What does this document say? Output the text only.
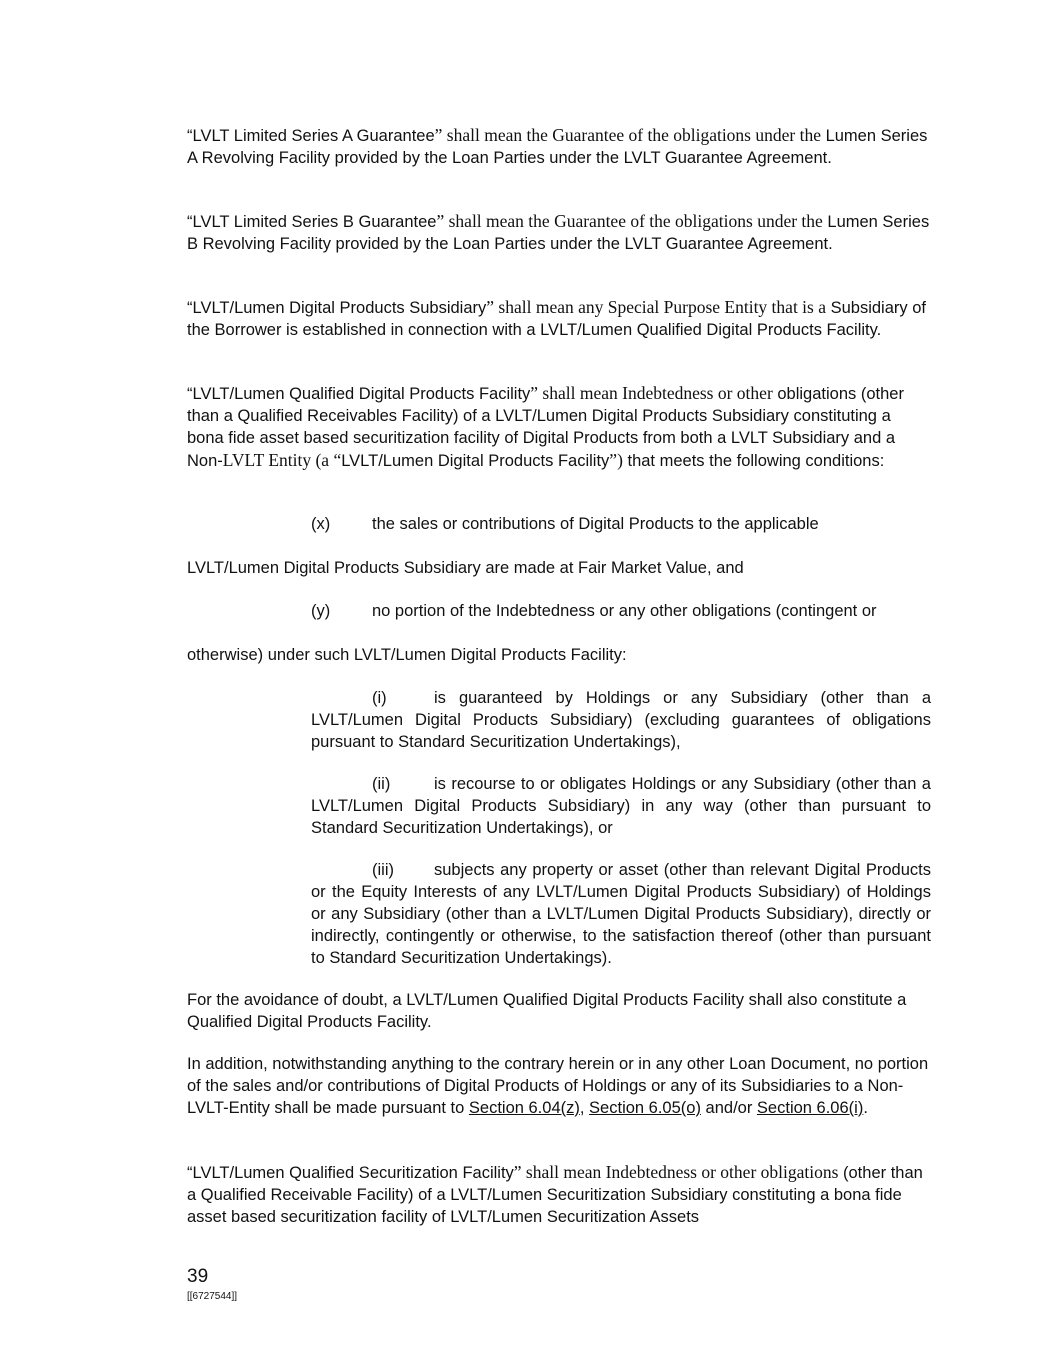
“LVLT Limited Series A Guarantee” shall mean the Guarantee of the obligations under the Lumen Series A Revolving Facility provided by the Loan Parties under the LVLT Guarantee Agreement.

“LVLT Limited Series B Guarantee” shall mean the Guarantee of the obligations under the Lumen Series B Revolving Facility provided by the Loan Parties under the LVLT Guarantee Agreement.

“LVLT/Lumen Digital Products Subsidiary” shall mean any Special Purpose Entity that is a Subsidiary of the Borrower is established in connection with a LVLT/Lumen Qualified Digital Products Facility.

“LVLT/Lumen Qualified Digital Products Facility” shall mean Indebtedness or other obligations (other than a Qualified Receivables Facility) of a LVLT/Lumen Digital Products Subsidiary constituting a bona fide asset based securitization facility of Digital Products from both a LVLT Subsidiary and a Non-LVLT Entity (a “LVLT/Lumen Digital Products Facility”) that meets the following conditions:

(x)	the sales or contributions of Digital Products to the applicable

LVLT/Lumen Digital Products Subsidiary are made at Fair Market Value, and

(y)	no portion of the Indebtedness or any other obligations (contingent or

otherwise) under such LVLT/Lumen Digital Products Facility:

(i)	is guaranteed by Holdings or any Subsidiary (other than a LVLT/Lumen Digital Products Subsidiary) (excluding guarantees of obligations pursuant to Standard Securitization Undertakings),

(ii)	is recourse to or obligates Holdings or any Subsidiary (other than a LVLT/Lumen Digital Products Subsidiary) in any way (other than pursuant to Standard Securitization Undertakings), or

(iii) subjects any property or asset (other than relevant Digital Products or the Equity Interests of any LVLT/Lumen Digital Products Subsidiary) of Holdings or any Subsidiary (other than a LVLT/Lumen Digital Products Subsidiary), directly or indirectly, contingently or otherwise, to the satisfaction thereof (other than pursuant to Standard Securitization Undertakings).

For the avoidance of doubt, a LVLT/Lumen Qualified Digital Products Facility shall also constitute a Qualified Digital Products Facility.

In addition, notwithstanding anything to the contrary herein or in any other Loan Document, no portion of the sales and/or contributions of Digital Products of Holdings or any of its Subsidiaries to a Non-LVLT-Entity shall be made pursuant to Section 6.04(z), Section 6.05(o) and/or Section 6.06(i).

“LVLT/Lumen Qualified Securitization Facility” shall mean Indebtedness or other obligations (other than a Qualified Receivable Facility) of a LVLT/Lumen Securitization Subsidiary constituting a bona fide asset based securitization facility of LVLT/Lumen Securitization Assets

39
[[6727544]]
